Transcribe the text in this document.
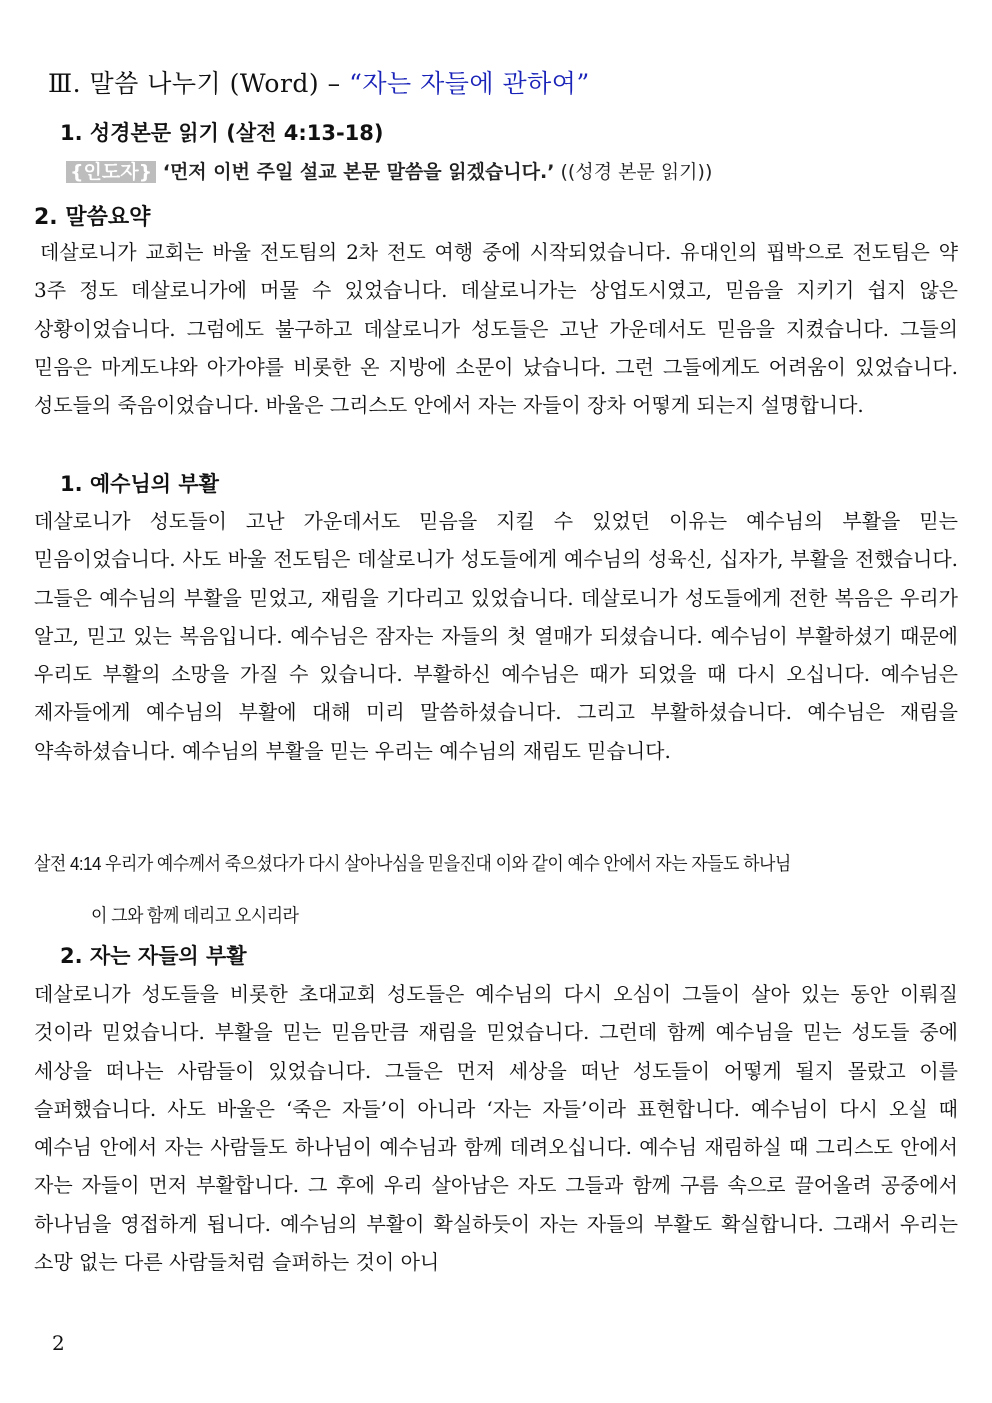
Ⅲ. 말씀 나누기 (Word) – “자는 자들에 관하여”
1. 성경본문 읽기 (살전 4:13-18)
{인도자} ‘먼저 이번 주일 설교 본문 말씀을 읽겠습니다.’ ((성경 본문 읽기))
2. 말씀요약
데살로니가 교회는 바울 전도팀의 2차 전도 여행 중에 시작되었습니다. 유대인의 핍박으로 전도팀은 약 3주 정도 데살로니가에 머물 수 있었습니다. 데살로니가는 상업도시였고, 믿음을 지키기 쉽지 않은 상황이었습니다. 그럼에도 불구하고 데살로니가 성도들은 고난 가운데서도 믿음을 지켰습니다. 그들의 믿음은 마게도냐와 아가야를 비롯한 온 지방에 소문이 났습니다. 그런 그들에게도 어려움이 있었습니다. 성도들의 죽음이었습니다. 바울은 그리스도 안에서 자는 자들이 장차 어떻게 되는지 설명합니다.
1. 예수님의 부활
데살로니가 성도들이 고난 가운데서도 믿음을 지킬 수 있었던 이유는 예수님의 부활을 믿는 믿음이었습니다. 사도 바울 전도팀은 데살로니가 성도들에게 예수님의 성육신, 십자가, 부활을 전했습니다. 그들은 예수님의 부활을 믿었고, 재림을 기다리고 있었습니다. 데살로니가 성도들에게 전한 복음은 우리가 알고, 믿고 있는 복음입니다. 예수님은 잠자는 자들의 첫 열매가 되셨습니다. 예수님이 부활하셨기 때문에 우리도 부활의 소망을 가질 수 있습니다. 부활하신 예수님은 때가 되었을 때 다시 오십니다. 예수님은 제자들에게 예수님의 부활에 대해 미리 말씀하셨습니다. 그리고 부활하셨습니다. 예수님은 재림을 약속하셨습니다. 예수님의 부활을 믿는 우리는 예수님의 재림도 믿습니다.
살전 4:14 우리가 예수께서 죽으셨다가 다시 살아나심을 믿을진대 이와 같이 예수 안에서 자는 자들도 하나님
이 그와 함께 데리고 오시리라
2. 자는 자들의 부활
데살로니가 성도들을 비롯한 초대교회 성도들은 예수님의 다시 오심이 그들이 살아 있는 동안 이뤄질 것이라 믿었습니다. 부활을 믿는 믿음만큼 재림을 믿었습니다. 그런데 함께 예수님을 믿는 성도들 중에 세상을 떠나는 사람들이 있었습니다. 그들은 먼저 세상을 떠난 성도들이 어떻게 될지 몰랐고 이를 슬퍼했습니다. 사도 바울은 ‘죽은 자들’이 아니라 ‘자는 자들’이라 표현합니다. 예수님이 다시 오실 때 예수님 안에서 자는 사람들도 하나님이 예수님과 함께 데려오십니다. 예수님 재림하실 때 그리스도 안에서 자는 자들이 먼저 부활합니다. 그 후에 우리 살아남은 자도 그들과 함께 구름 속으로 끌어올려 공중에서 하나님을 영접하게 됩니다. 예수님의 부활이 확실하듯이 자는 자들의 부활도 확실합니다. 그래서 우리는 소망 없는 다른 사람들처럼 슬퍼하는 것이 아니
2
